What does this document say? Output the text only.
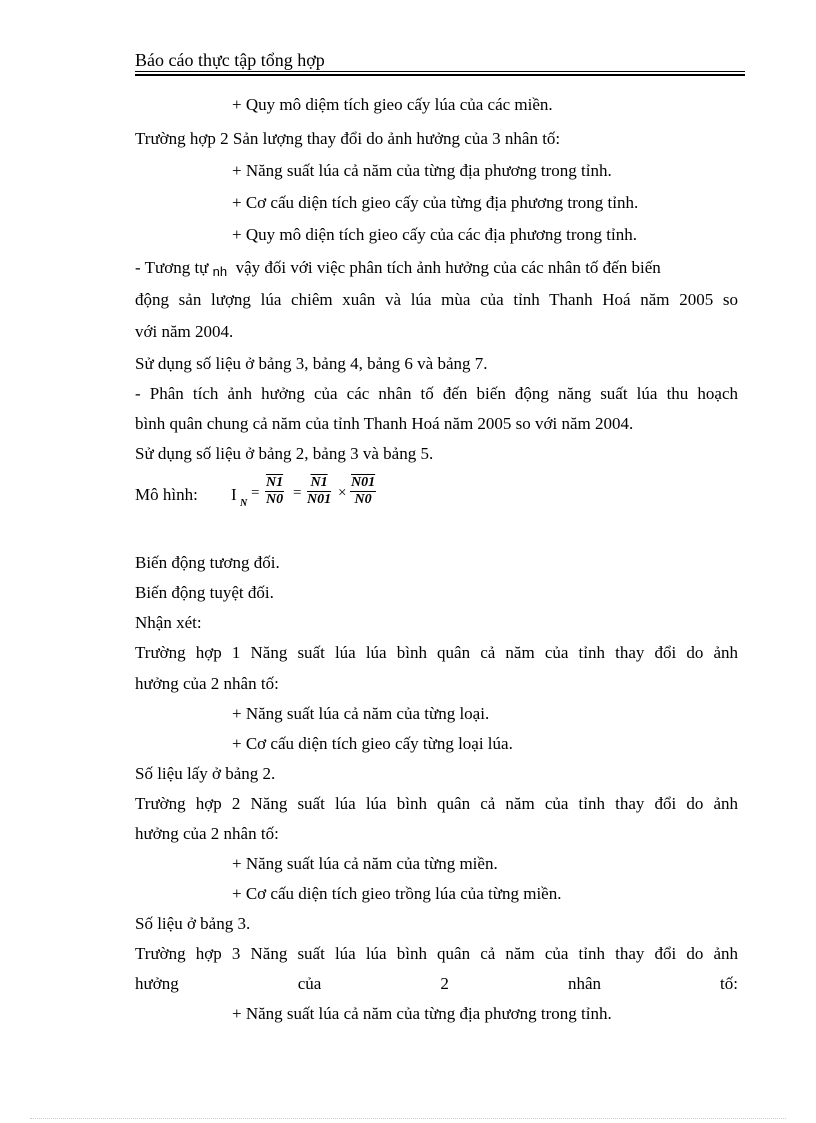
Báo cáo thực tập tổng hợp
+ Quy mô diệm tích gieo cấy lúa của các miền.
Trường hợp 2 Sản lượng thay đổi do ảnh hưởng của 3 nhân tố:
+ Năng suất lúa cả năm của từng địa phương trong tỉnh.
+ Cơ cấu diện tích gieo cấy của từng địa phương trong tỉnh.
+ Quy mô diện tích gieo cấy của các địa phương trong tỉnh.
- Tương tự nh vậy đối với việc phân tích ảnh hưởng của các nhân tố đến biến
động sản lượng lúa chiêm xuân và lúa mùa của tỉnh Thanh Hoá năm 2005 so
với năm 2004.
Sử dụng số liệu ở bảng 3, bảng 4, bảng 6 và bảng 7.
- Phân tích ảnh hưởng của các nhân tố đến biến động năng suất lúa thu hoạch
bình quân chung cả năm của tỉnh Thanh Hoá năm 2005 so với năm 2004.
Sử dụng số liệu ở bảng 2, bảng 3 và bảng 5.
Mô hình: I N
= $\frac{N1}{N0} = \frac{N1}{N01} \times \frac{N01}{N0}$
Biến động tương đối.
Biến động tuyệt đối.
Nhận xét:
Trường hợp 1 Năng suất lúa lúa bình quân cả năm của tỉnh thay đổi do ảnh
hưởng của 2 nhân tố:
+ Năng suất lúa cả năm của từng loại.
+ Cơ cấu diện tích gieo cấy từng loại lúa.
Số liệu lấy ở bảng 2.
Trường hợp 2 Năng suất lúa lúa bình quân cả năm của tỉnh thay đổi do ảnh
hưởng của 2 nhân tố:
+ Năng suất lúa cả năm của từng miền.
+ Cơ cấu diện tích gieo trồng lúa của từng miền.
Số liệu ở bảng 3.
Trường hợp 3 Năng suất lúa lúa bình quân cả năm của tỉnh thay đổi do ảnh
hưởng của 2 nhân tố:
+ Năng suất lúa cả năm của từng địa phương trong tỉnh.
